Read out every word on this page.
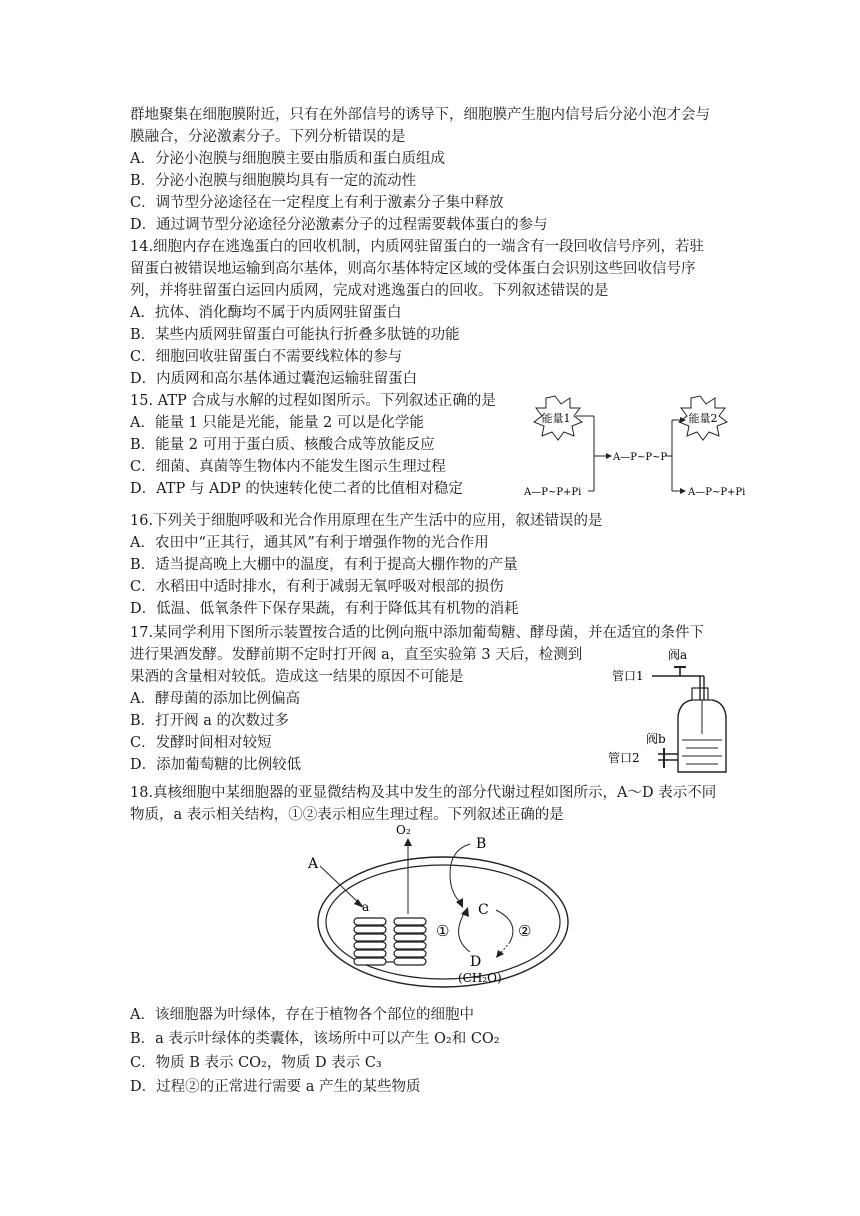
群地聚集在细胞膜附近，只有在外部信号的诱导下，细胞膜产生胞内信号后分泌小泡才会与
膜融合，分泌激素分子。下列分析错误的是
A．分泌小泡膜与细胞膜主要由脂质和蛋白质组成
B．分泌小泡膜与细胞膜均具有一定的流动性
C．调节型分泌途径在一定程度上有利于激素分子集中释放
D．通过调节型分泌途径分泌激素分子的过程需要载体蛋白的参与
14.细胞内存在逃逸蛋白的回收机制，内质网驻留蛋白的一端含有一段回收信号序列，若驻
留蛋白被错误地运输到高尔基体，则高尔基体特定区域的受体蛋白会识别这些回收信号序
列，并将驻留蛋白运回内质网，完成对逃逸蛋白的回收。下列叙述错误的是
A．抗体、消化酶均不属于内质网驻留蛋白
B．某些内质网驻留蛋白可能执行折叠多肽链的功能
C．细胞回收驻留蛋白不需要线粒体的参与
D．内质网和高尔基体通过囊泡运输驻留蛋白
15. ATP 合成与水解的过程如图所示。下列叙述正确的是
A．能量 1 只能是光能，能量 2 可以是化学能
B．能量 2 可用于蛋白质、核酸合成等放能反应
C．细菌、真菌等生物体内不能发生图示生理过程
D．ATP 与 ADP 的快速转化使二者的比值相对稳定
能量1	能量2
A—P~P~P
A—P~P+Pi	A—P~P+Pi
16.下列关于细胞呼吸和光合作用原理在生产生活中的应用，叙述错误的是
A．农田中“正其行，通其风”有利于增强作物的光合作用
B．适当提高晚上大棚中的温度，有利于提高大棚作物的产量
C．水稻田中适时排水，有利于减弱无氧呼吸对根部的损伤
D．低温、低氧条件下保存果蔬，有利于降低其有机物的消耗
17.某同学利用下图所示装置按合适的比例向瓶中添加葡萄糖、酵母菌，并在适宜的条件下
进行果酒发酵。发酵前期不定时打开阀 a，直至实验第 3 天后，检测到
果酒的含量相对较低。造成这一结果的原因不可能是
A．酵母菌的添加比例偏高
B．打开阀 a 的次数过多
C．发酵时间相对较短
D．添加葡萄糖的比例较低
阀a
管口1
阀b
管口2
18.真核细胞中某细胞器的亚显微结构及其中发生的部分代谢过程如图所示，A～D 表示不同
物质，a 表示相关结构，①②表示相应生理过程。下列叙述正确的是
A
a
O₂
B
C
①	②
D
(CH₂O)
A．该细胞器为叶绿体，存在于植物各个部位的细胞中
B．a 表示叶绿体的类囊体，该场所中可以产生 O₂和 CO₂
C．物质 B 表示 CO₂，物质 D 表示 C₃
D．过程②的正常进行需要 a 产生的某些物质
